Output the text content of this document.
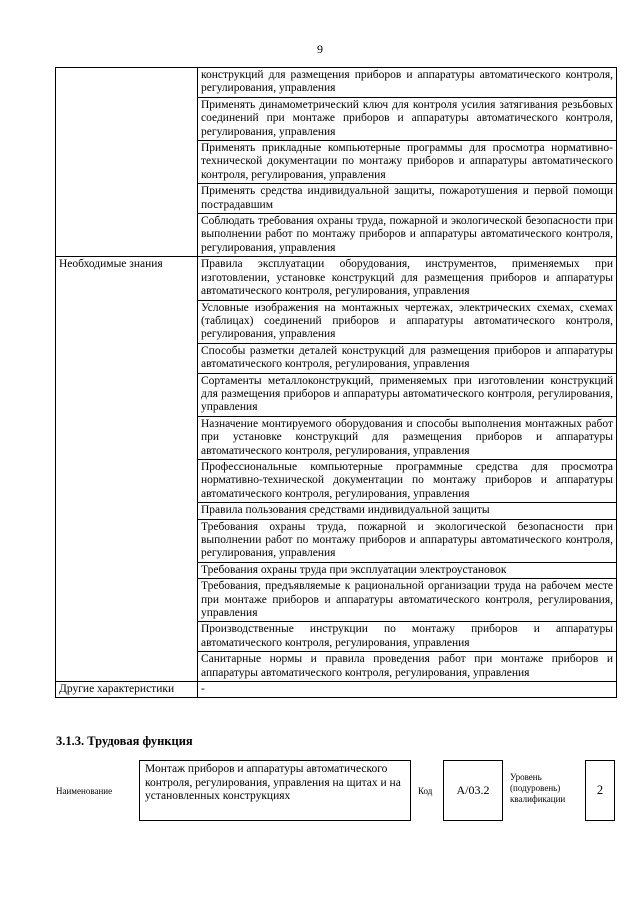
9
	конструкций для размещения приборов и аппаратуры автоматического контроля, регулирования, управления
	Применять динамометрический ключ для контроля усилия затягивания резьбовых соединений при монтаже приборов и аппаратуры автоматического контроля, регулирования, управления
	Применять прикладные компьютерные программы для просмотра нормативно-технической документации по монтажу приборов и аппаратуры автоматического контроля, регулирования, управления
	Применять средства индивидуальной защиты, пожаротушения и первой помощи пострадавшим
	Соблюдать требования охраны труда, пожарной и экологической безопасности при выполнении работ по монтажу приборов и аппаратуры автоматического контроля, регулирования, управления
Необходимые знания	Правила эксплуатации оборудования, инструментов, применяемых при изготовлении, установке конструкций для размещения приборов и аппаратуры автоматического контроля, регулирования, управления
	Условные изображения на монтажных чертежах, электрических схемах, схемах (таблицах) соединений приборов и аппаратуры автоматического контроля, регулирования, управления
	Способы разметки деталей конструкций для размещения приборов и аппаратуры автоматического контроля, регулирования, управления
	Сортаменты металлоконструкций, применяемых при изготовлении конструкций для размещения приборов и аппаратуры автоматического контроля, регулирования, управления
	Назначение монтируемого оборудования и способы выполнения монтажных работ при установке конструкций для размещения приборов и аппаратуры автоматического контроля, регулирования, управления
	Профессиональные компьютерные программные средства для просмотра нормативно-технической документации по монтажу приборов и аппаратуры автоматического контроля, регулирования, управления
	Правила пользования средствами индивидуальной защиты
	Требования охраны труда, пожарной и экологической безопасности при выполнении работ по монтажу приборов и аппаратуры автоматического контроля, регулирования, управления
	Требования охраны труда при эксплуатации электроустановок
	Требования, предъявляемые к рациональной организации труда на рабочем месте при монтаже приборов и аппаратуры автоматического контроля, регулирования, управления
	Производственные инструкции по монтажу приборов и аппаратуры автоматического контроля, регулирования, управления
	Санитарные нормы и правила проведения работ при монтаже приборов и аппаратуры автоматического контроля, регулирования, управления
Другие характеристики	-
3.1.3. Трудовая функция
Наименование
Монтаж приборов и аппаратуры автоматического контроля, регулирования, управления на щитах и на установленных конструкциях	Код	А/03.2
Уровень (подуровень) квалификации
2
